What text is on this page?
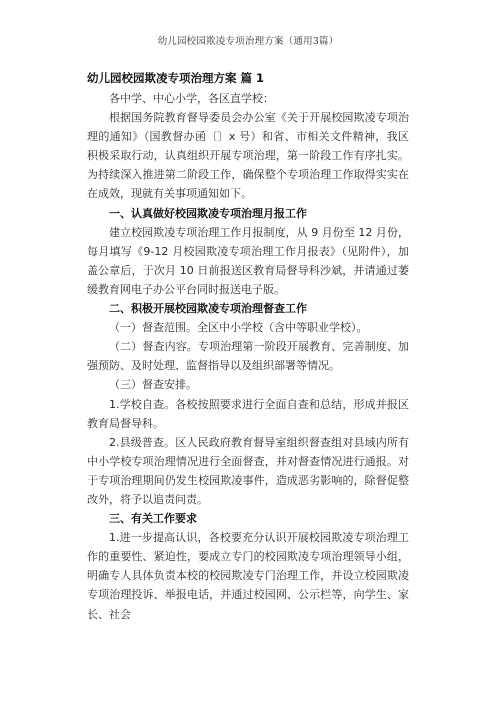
幼儿园校园欺凌专项治理方案（通用3篇）
幼儿园校园欺凌专项治理方案 篇 1

各中学、中心小学，各区直学校：

根据国务院教育督导委员会办公室《关于开展校园欺凌专项治理的通知》（国教督办函〔〕x 号）和省、市相关文件精神，我区积极采取行动，认真组织开展专项治理，第一阶段工作有序扎实。为持续深入推进第二阶段工作，确保整个专项治理工作取得实实在在成效，现就有关事项通知如下。

一、认真做好校园欺凌专项治理月报工作

建立校园欺凌专项治理工作月报制度，从 9 月份至 12 月份，每月填写《9-12 月校园欺凌专项治理工作月报表》（见附件），加盖公章后，于次月 10 日前报送区教育局督导科沙斌，并请通过萎缓教育网电子办公平台同时报送电子版。

二、积极开展校园欺凌专项治理督查工作

（一）督查范围。全区中小学校（含中等职业学校）。

（二）督查内容。专项治理第一阶段开展教育、完善制度、加强预防、及时处理、监督指导以及组织部署等情况。

（三）督查安排。

1.学校自查。各校按照要求进行全面自查和总结，形成并报区教育局督导科。

2.县级普查。区人民政府教育督导室组织督查组对县域内所有中小学校专项治理情况进行全面督查，并对督查情况进行通报。对于专项治理期间仍发生校园欺凌事件，造成恶劣影响的，除督促整改外，将予以追责问责。

三、有关工作要求

1.进一步提高认识，各校要充分认识开展校园欺凌专项治理工作的重要性、紧迫性，要成立专门的校园欺凌专项治理领导小组，明确专人具体负责本校的校园欺凌专门治理工作，并设立校园欺凌专项治理投诉、举报电话，并通过校园网、公示栏等，向学生、家长、社会
